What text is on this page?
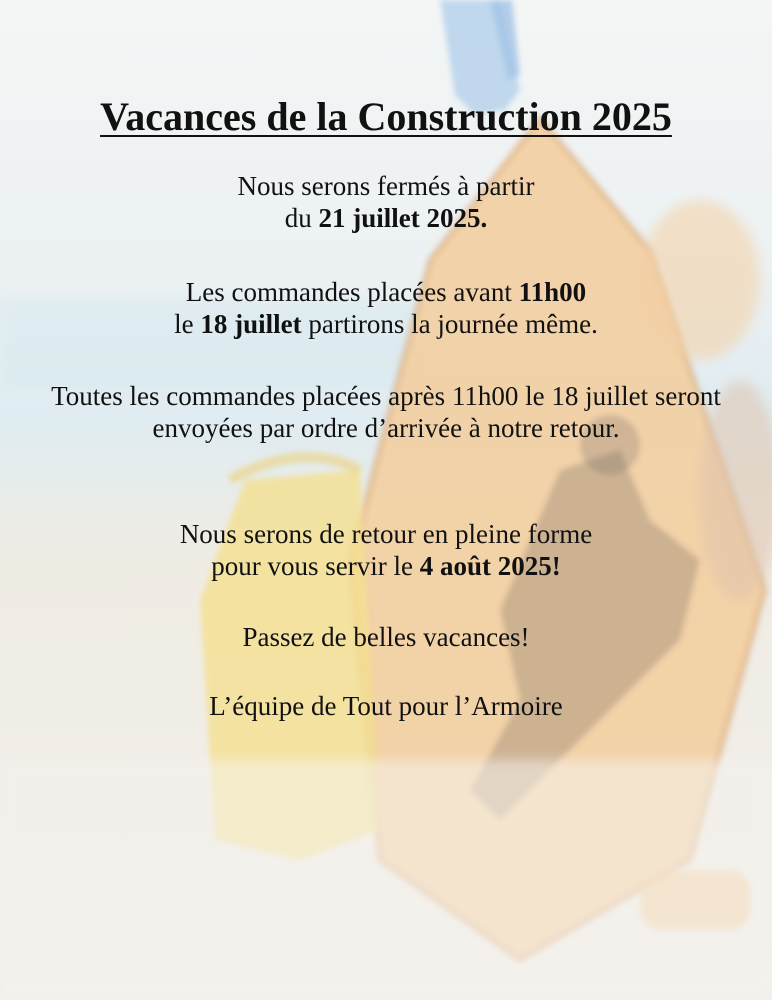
Vacances de la Construction 2025

Nous serons fermés à partir
du 21 juillet 2025.

Les commandes placées avant 11h00
le 18 juillet partirons la journée même.

Toutes les commandes placées après 11h00 le 18 juillet seront envoyées par ordre d’arrivée à notre retour.

Nous serons de retour en pleine forme
pour vous servir le 4 août 2025!

Passez de belles vacances!

L’équipe de Tout pour l’Armoire
